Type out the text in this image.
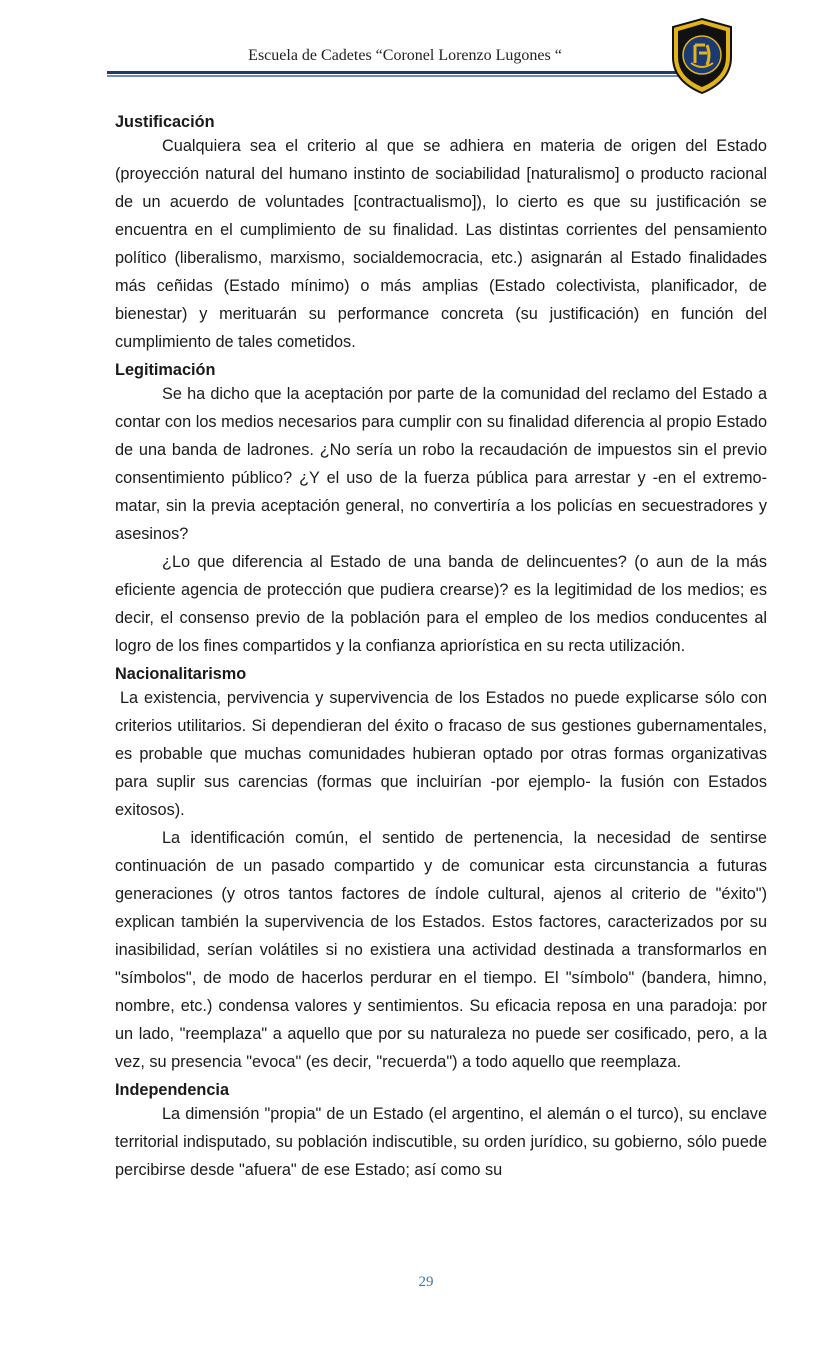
Escuela de Cadetes “Coronel Lorenzo Lugones “
Justificación

Cualquiera sea el criterio al que se adhiera en materia de origen del Estado (proyección natural del humano instinto de sociabilidad [naturalismo] o producto racional de un acuerdo de voluntades [contractualismo]), lo cierto es que su justificación se encuentra en el cumplimiento de su finalidad. Las distintas corrientes del pensamiento político (liberalismo, marxismo, socialdemocracia, etc.) asignarán al Estado finalidades más ceñidas (Estado mínimo) o más amplias (Estado colectivista, planificador, de bienestar) y merituarán su performance concreta (su justificación) en función del cumplimiento de tales cometidos.

Legitimación

Se ha dicho que la aceptación por parte de la comunidad del reclamo del Estado a contar con los medios necesarios para cumplir con su finalidad diferencia al propio Estado de una banda de ladrones. ¿No sería un robo la recaudación de impuestos sin el previo consentimiento público? ¿Y el uso de la fuerza pública para arrestar y -en el extremo- matar, sin la previa aceptación general, no convertiría a los policías en secuestradores y asesinos?

¿Lo que diferencia al Estado de una banda de delincuentes? (o aun de la más eficiente agencia de protección que pudiera crearse)? es la legitimidad de los medios; es decir, el consenso previo de la población para el empleo de los medios conducentes al logro de los fines compartidos y la confianza apriorística en su recta utilización.

Nacionalitarismo

La existencia, pervivencia y supervivencia de los Estados no puede explicarse sólo con criterios utilitarios. Si dependieran del éxito o fracaso de sus gestiones gubernamentales, es probable que muchas comunidades hubieran optado por otras formas organizativas para suplir sus carencias (formas que incluirían -por ejemplo- la fusión con Estados exitosos).

La identificación común, el sentido de pertenencia, la necesidad de sentirse continuación de un pasado compartido y de comunicar esta circunstancia a futuras generaciones (y otros tantos factores de índole cultural, ajenos al criterio de "éxito") explican también la supervivencia de los Estados. Estos factores, caracterizados por su inasibilidad, serían volátiles si no existiera una actividad destinada a transformarlos en "símbolos", de modo de hacerlos perdurar en el tiempo. El "símbolo" (bandera, himno, nombre, etc.) condensa valores y sentimientos. Su eficacia reposa en una paradoja: por un lado, "reemplaza" a aquello que por su naturaleza no puede ser cosificado, pero, a la vez, su presencia "evoca" (es decir, "recuerda") a todo aquello que reemplaza.

Independencia

La dimensión "propia" de un Estado (el argentino, el alemán o el turco), su enclave territorial indisputado, su población indiscutible, su orden jurídico, su gobierno, sólo puede percibirse desde "afuera" de ese Estado; así como su

29
